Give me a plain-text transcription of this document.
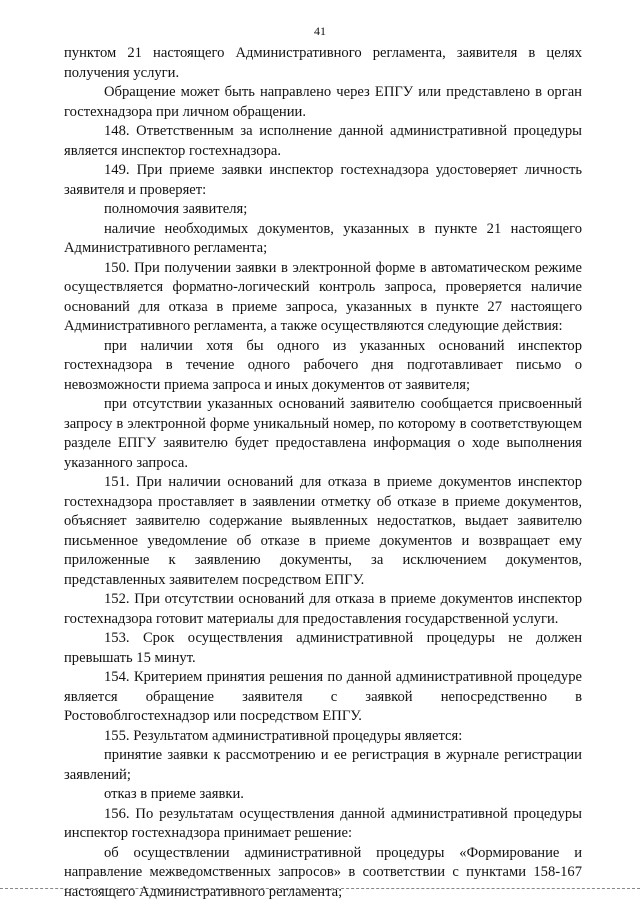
41

пунктом 21 настоящего Административного регламента, заявителя в целях получения услуги.

Обращение может быть направлено через ЕПГУ или представлено в орган гостехнадзора при личном обращении.

148. Ответственным за исполнение данной административной процедуры является инспектор гостехнадзора.

149. При приеме заявки инспектор гостехнадзора удостоверяет личность заявителя и проверяет:

полномочия заявителя;

наличие необходимых документов, указанных в пункте 21 настоящего Административного регламента;

150. При получении заявки в электронной форме в автоматическом режиме осуществляется форматно-логический контроль запроса, проверяется наличие оснований для отказа в приеме запроса, указанных в пункте 27 настоящего Административного регламента, а также осуществляются следующие действия:

при наличии хотя бы одного из указанных оснований инспектор гостехнадзора в течение одного рабочего дня подготавливает письмо о невозможности приема запроса и иных документов от заявителя;

при отсутствии указанных оснований заявителю сообщается присвоенный запросу в электронной форме уникальный номер, по которому в соответствующем разделе ЕПГУ заявителю будет предоставлена информация о ходе выполнения указанного запроса.

151. При наличии оснований для отказа в приеме документов инспектор гостехнадзора проставляет в заявлении отметку об отказе в приеме документов, объясняет заявителю содержание выявленных недостатков, выдает заявителю письменное уведомление об отказе в приеме документов и возвращает ему приложенные к заявлению документы, за исключением документов, представленных заявителем посредством ЕПГУ.

152. При отсутствии оснований для отказа в приеме документов инспектор гостехнадзора готовит материалы для предоставления государственной услуги.

153. Срок осуществления административной процедуры не должен превышать 15 минут.

154. Критерием принятия решения по данной административной процедуре является обращение заявителя с заявкой непосредственно в Ростовоблгостехнадзор или посредством ЕПГУ.

155. Результатом административной процедуры является:

принятие заявки к рассмотрению и ее регистрация в журнале регистрации заявлений;

отказ в приеме заявки.

156. По результатам осуществления данной административной процедуры инспектор гостехнадзора принимает решение:

об осуществлении административной процедуры «Формирование и направление межведомственных запросов» в соответствии с пунктами 158-167 настоящего Административного регламента;
